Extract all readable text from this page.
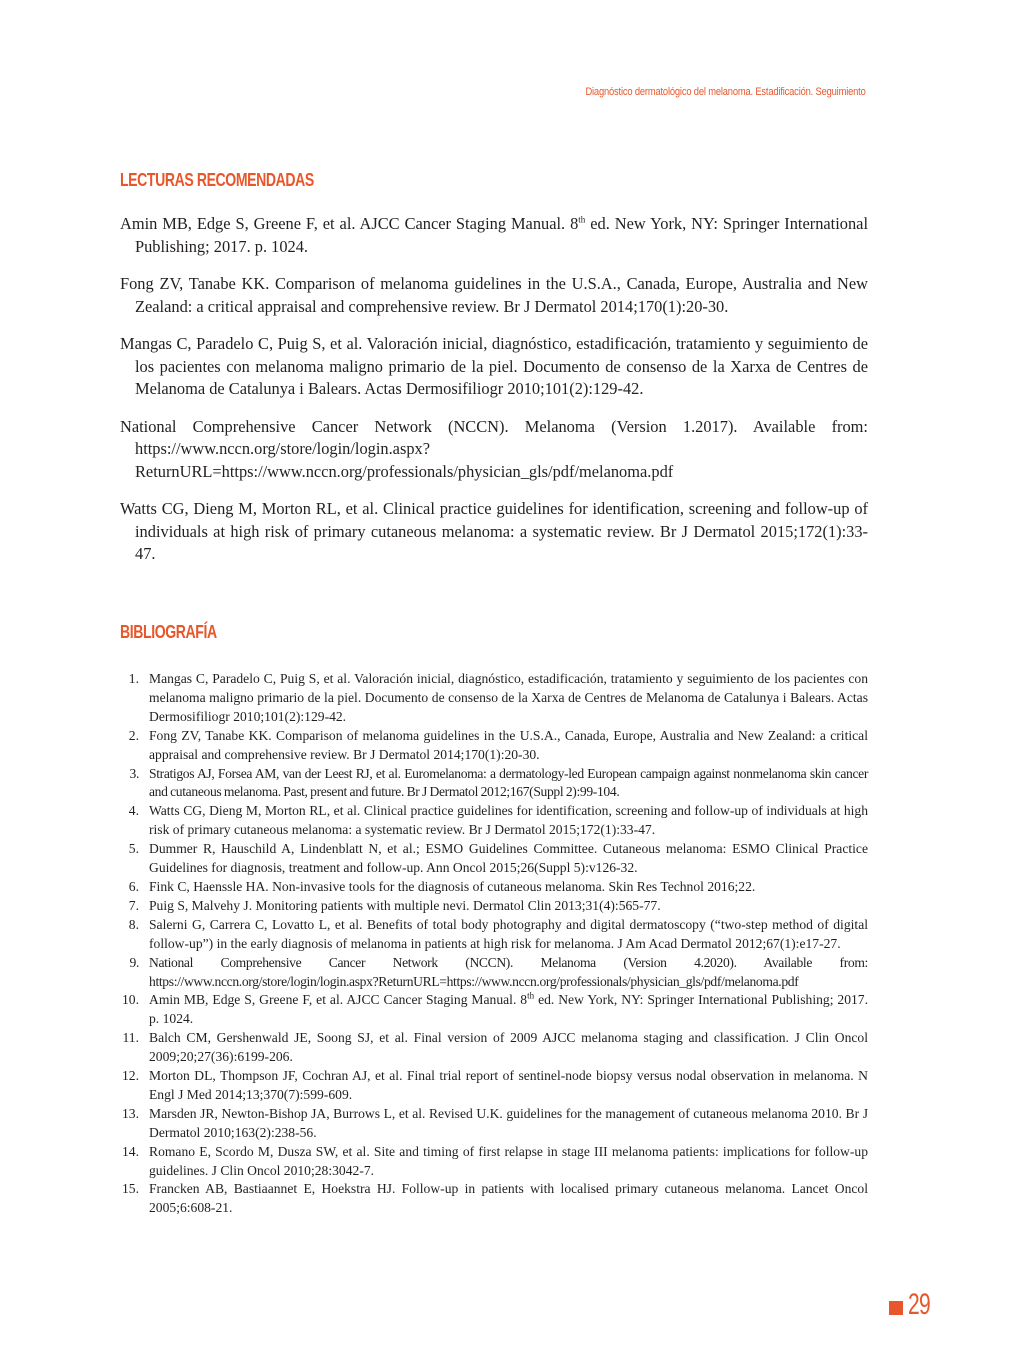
Diagnóstico dermatológico del melanoma. Estadificación. Seguimiento
LECTURAS RECOMENDADAS

Amin MB, Edge S, Greene F, et al. AJCC Cancer Staging Manual. 8th ed. New York, NY: Springer International Publishing; 2017. p. 1024.

Fong ZV, Tanabe KK. Comparison of melanoma guidelines in the U.S.A., Canada, Europe, Australia and New Zealand: a critical appraisal and comprehensive review. Br J Dermatol 2014;170(1):20-30.

Mangas C, Paradelo C, Puig S, et al. Valoración inicial, diagnóstico, estadificación, tratamiento y seguimiento de los pacientes con melanoma maligno primario de la piel. Documento de consenso de la Xarxa de Centres de Melanoma de Catalunya i Balears. Actas Dermosifiliogr 2010;101(2):129-42.

National Comprehensive Cancer Network (NCCN). Melanoma (Version 1.2017). Available from: https://www.nccn.org/store/login/login.aspx?ReturnURL=https://www.nccn.org/professionals/physician_gls/pdf/melanoma.pdf

Watts CG, Dieng M, Morton RL, et al. Clinical practice guidelines for identification, screening and follow-up of individuals at high risk of primary cutaneous melanoma: a systematic review. Br J Dermatol 2015;172(1):33-47.

BIBLIOGRAFÍA
1. Mangas C, Paradelo C, Puig S, et al. Valoración inicial, diagnóstico, estadificación, tratamiento y seguimiento de los pacientes con melanoma maligno primario de la piel. Documento de consenso de la Xarxa de Centres de Melanoma de Catalunya i Balears. Actas Dermosifiliogr 2010;101(2):129-42.
2. Fong ZV, Tanabe KK. Comparison of melanoma guidelines in the U.S.A., Canada, Europe, Australia and New Zealand: a critical appraisal and comprehensive review. Br J Dermatol 2014;170(1):20-30.
3. Stratigos AJ, Forsea AM, van der Leest RJ, et al. Euromelanoma: a dermatology-led European campaign against nonmelanoma skin cancer and cutaneous melanoma. Past, present and future. Br J Dermatol 2012;167(Suppl 2):99-104.
4. Watts CG, Dieng M, Morton RL, et al. Clinical practice guidelines for identification, screening and follow-up of individuals at high risk of primary cutaneous melanoma: a systematic review. Br J Dermatol 2015;172(1):33-47.
5. Dummer R, Hauschild A, Lindenblatt N, et al.; ESMO Guidelines Committee. Cutaneous melanoma: ESMO Clinical Practice Guidelines for diagnosis, treatment and follow-up. Ann Oncol 2015;26(Suppl 5):v126-32.
6. Fink C, Haenssle HA. Non-invasive tools for the diagnosis of cutaneous melanoma. Skin Res Technol 2016;22.
7. Puig S, Malvehy J. Monitoring patients with multiple nevi. Dermatol Clin 2013;31(4):565-77.
8. Salerni G, Carrera C, Lovatto L, et al. Benefits of total body photography and digital dermatoscopy (“two-step method of digital follow-up”) in the early diagnosis of melanoma in patients at high risk for melanoma. J Am Acad Dermatol 2012;67(1):e17-27.
9. National Comprehensive Cancer Network (NCCN). Melanoma (Version 4.2020). Available from: https://www.nccn.org/store/login/login.aspx?ReturnURL=https://www.nccn.org/professionals/physician_gls/pdf/melanoma.pdf
10. Amin MB, Edge S, Greene F, et al. AJCC Cancer Staging Manual. 8th ed. New York, NY: Springer International Publishing; 2017. p. 1024.
11. Balch CM, Gershenwald JE, Soong SJ, et al. Final version of 2009 AJCC melanoma staging and classification. J Clin Oncol 2009;20;27(36):6199-206.
12. Morton DL, Thompson JF, Cochran AJ, et al. Final trial report of sentinel-node biopsy versus nodal observation in melanoma. N Engl J Med 2014;13;370(7):599-609.
13. Marsden JR, Newton-Bishop JA, Burrows L, et al. Revised U.K. guidelines for the management of cutaneous melanoma 2010. Br J Dermatol 2010;163(2):238-56.
14. Romano E, Scordo M, Dusza SW, et al. Site and timing of first relapse in stage III melanoma patients: implications for follow-up guidelines. J Clin Oncol 2010;28:3042-7.
15. Francken AB, Bastiaannet E, Hoekstra HJ. Follow-up in patients with localised primary cutaneous melanoma. Lancet Oncol 2005;6:608-21.
29
